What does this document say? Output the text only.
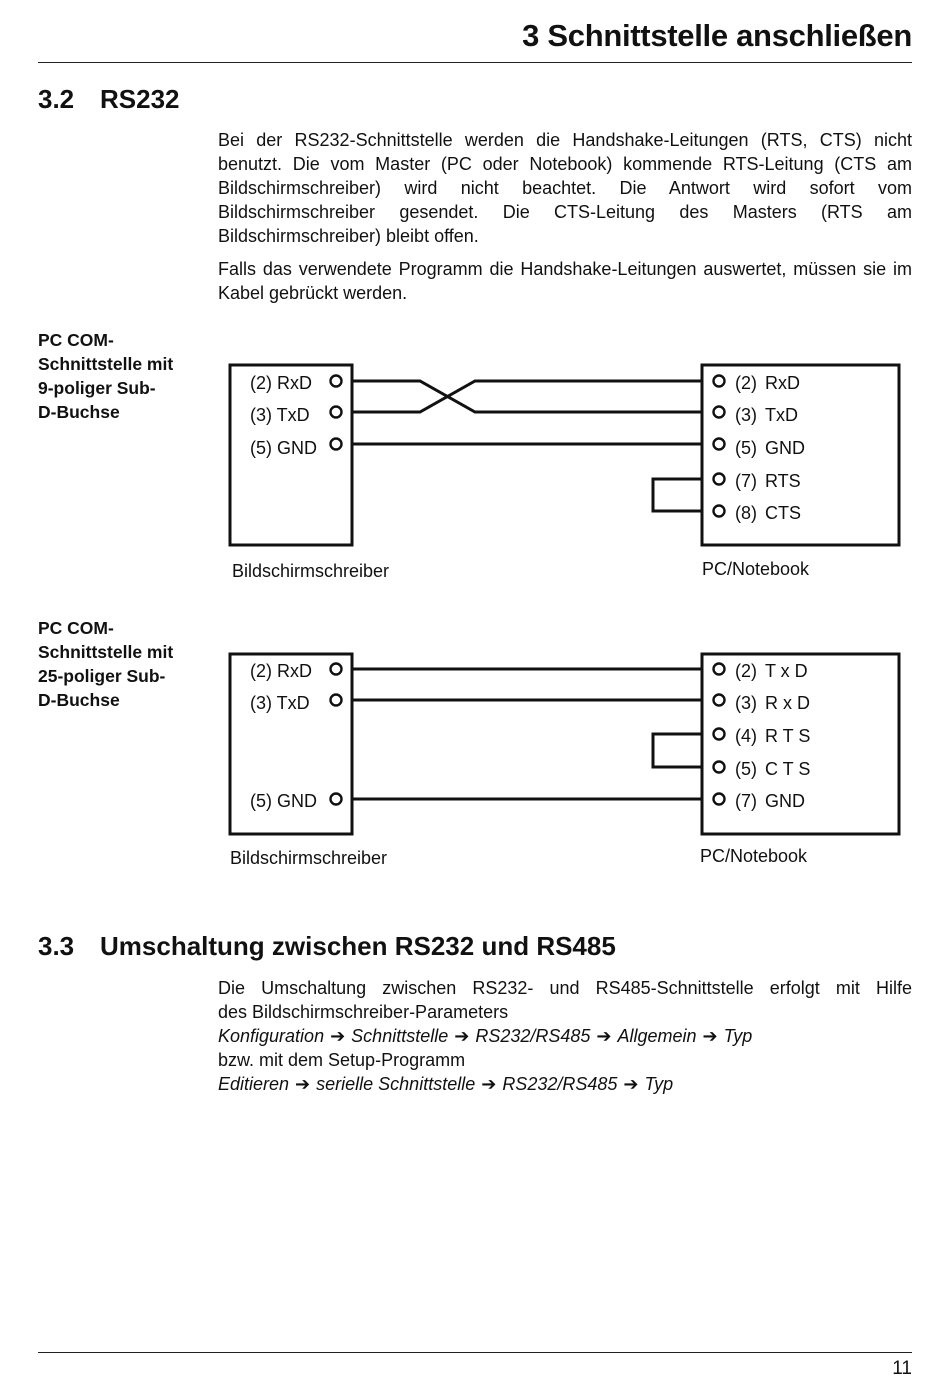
3 Schnittstelle anschließen
3.2 RS232

Bei der RS232-Schnittstelle werden die Handshake-Leitungen (RTS, CTS) nicht benutzt. Die vom Master (PC oder Notebook) kommende RTS-Leitung (CTS am Bildschirmschreiber) wird nicht beachtet. Die Antwort wird sofort vom Bildschirmschreiber gesendet. Die CTS-Leitung des Masters (RTS am Bildschirmschreiber) bleibt offen.

Falls das verwendete Programm die Handshake-Leitungen auswertet, müssen sie im Kabel gebrückt werden.

PC COM-
Schnittstelle mit
9-poliger Sub-
D-Buchse
(2) RxD
(3) TxD
(5) GND
(2) RxD
(3) TxD
(5) GND
(7) RTS
(8) CTS
Bildschirmschreiber	PC/Notebook
(2) RxD
(3) TxD
(5) GND
(2) T x D
(3) R x D
(4) R T S
(5) C T S
(7) GND
Bildschirmschreiber	PC/Notebook
PC COM-
Schnittstelle mit
25-poliger Sub-
D-Buchse
3.3 Umschaltung zwischen RS232 und RS485
Die Umschaltung zwischen RS232- und RS485-Schnittstelle erfolgt mit Hilfe
des Bildschirmschreiber-Parameters
Konfiguration ➔ Schnittstelle ➔ RS232/RS485 ➔ Allgemein ➔ Typ
bzw. mit dem Setup-Programm
Editieren ➔ serielle Schnittstelle ➔ RS232/RS485 ➔ Typ
11
